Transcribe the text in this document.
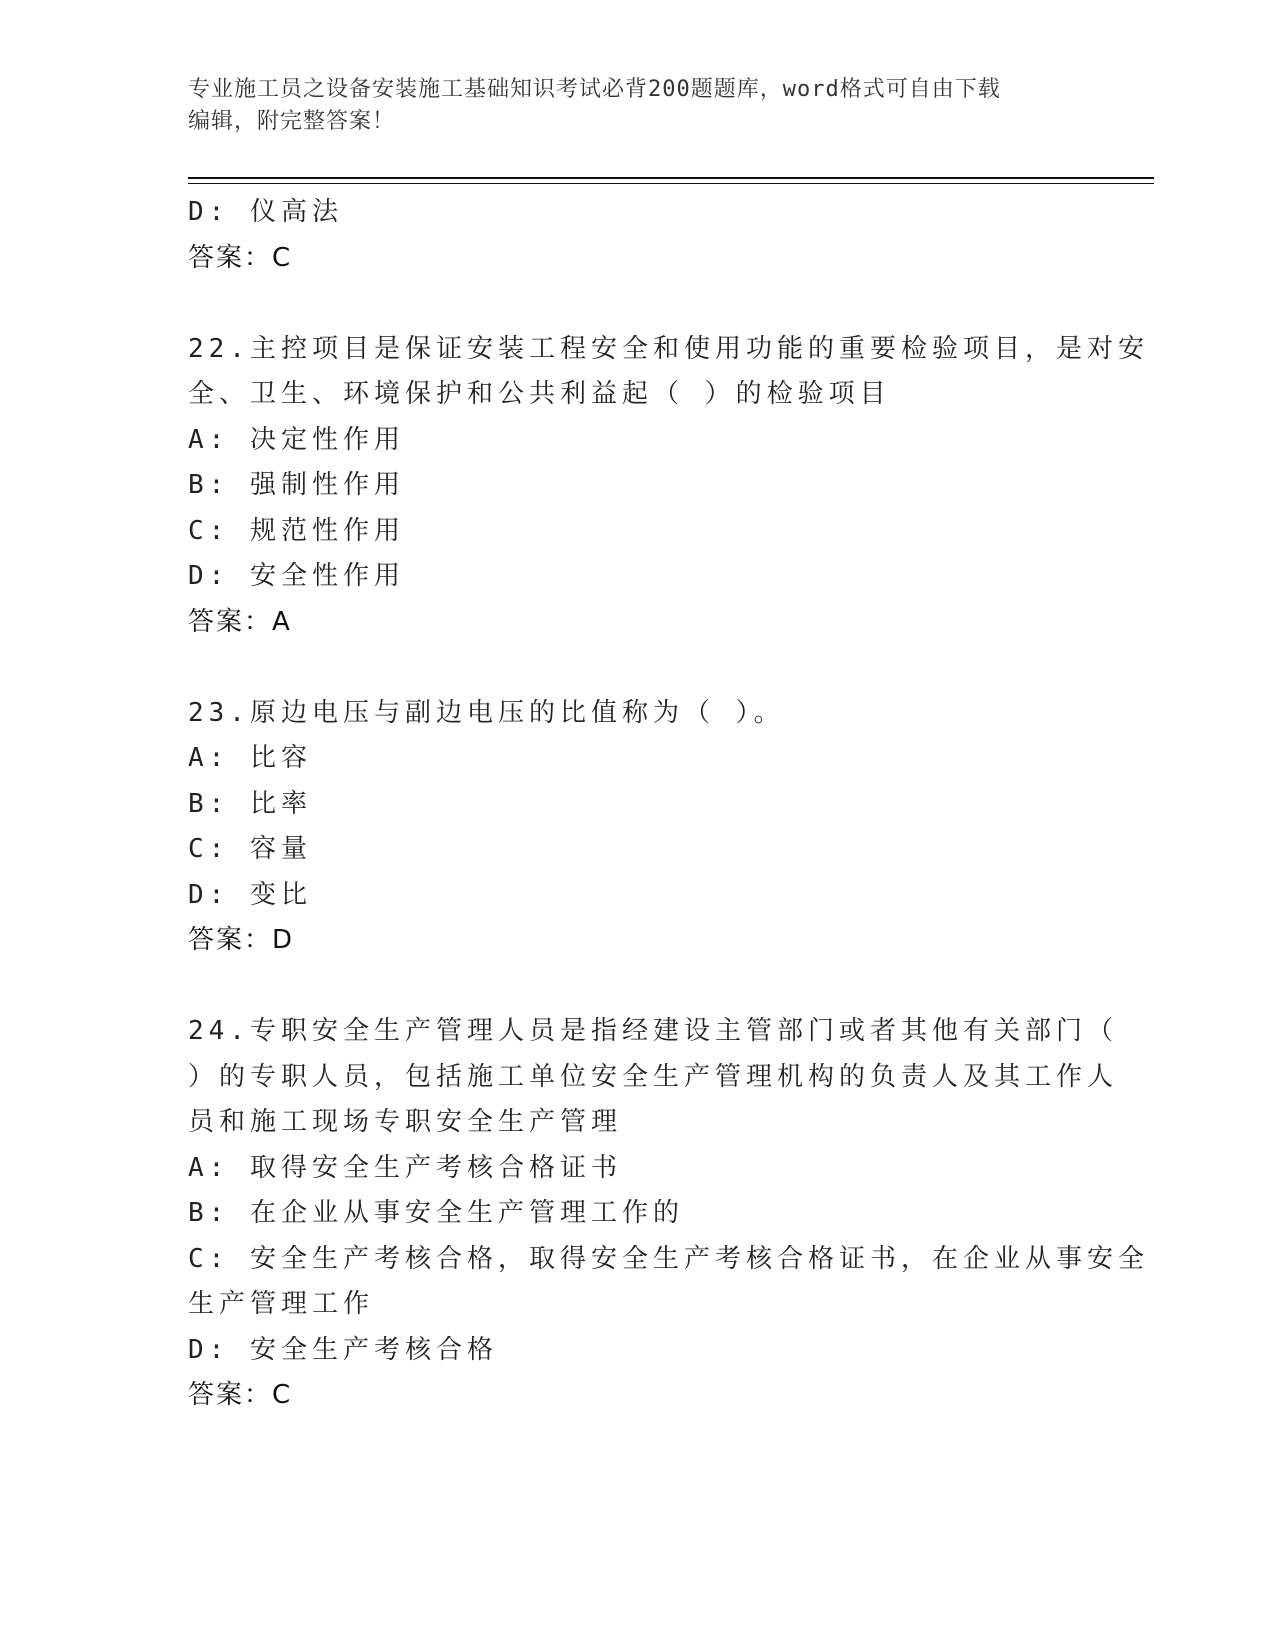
专业施工员之设备安装施工基础知识考试必背200题题库，word格式可自由下载
编辑，附完整答案！
D: 仪高法
答案：C
22.主控项目是保证安装工程安全和使用功能的重要检验项目，是对安
全、卫生、环境保护和公共利益起（ ）的检验项目
A: 决定性作用
B: 强制性作用
C: 规范性作用
D: 安全性作用
答案：A
23.原边电压与副边电压的比值称为（ ）。
A: 比容
B: 比率
C: 容量
D: 变比
答案：D
24.专职安全生产管理人员是指经建设主管部门或者其他有关部门（
）的专职人员，包括施工单位安全生产管理机构的负责人及其工作人
员和施工现场专职安全生产管理
A: 取得安全生产考核合格证书
B: 在企业从事安全生产管理工作的
C: 安全生产考核合格，取得安全生产考核合格证书，在企业从事安全
生产管理工作
D: 安全生产考核合格
答案：C
